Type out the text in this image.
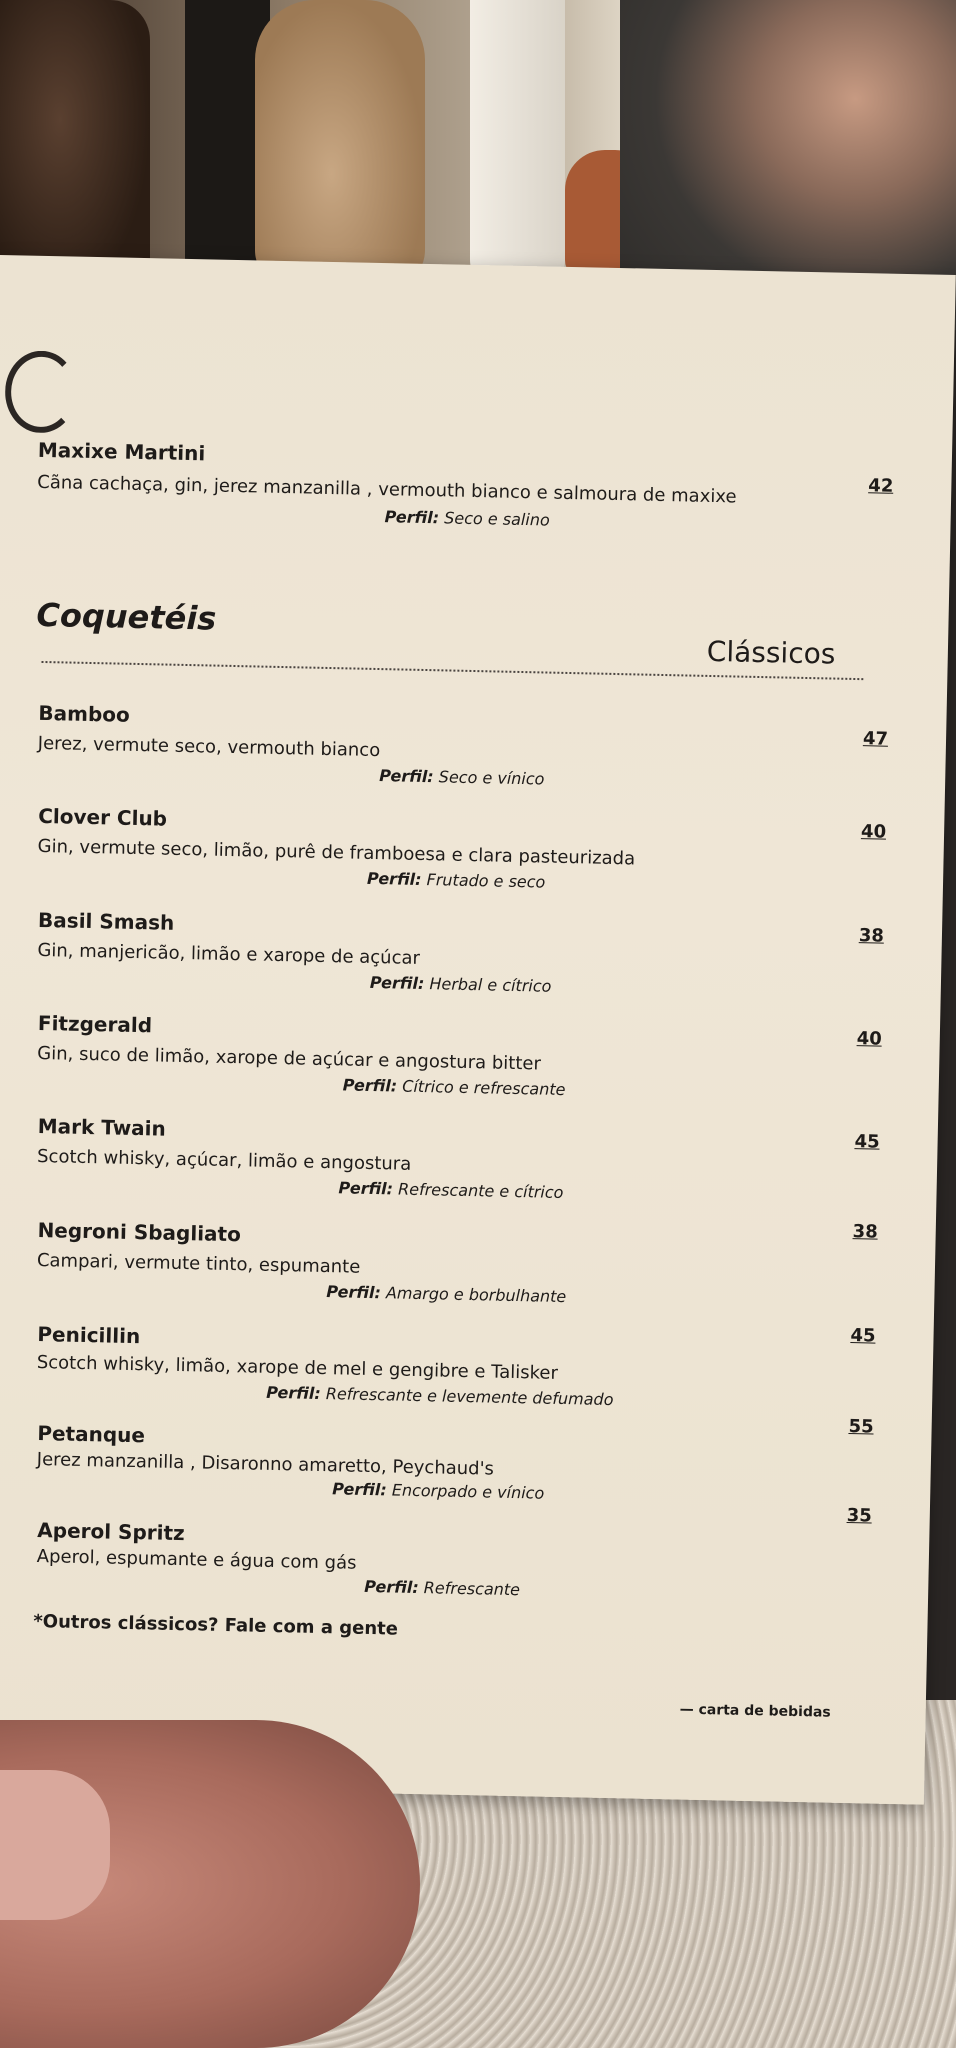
Maxixe Martini
Cãna cachaça, gin, jerez manzanilla , vermouth bianco e salmoura de maxixe
Perfil: Seco e salino
42
Coquetéis
Clássicos
Bamboo
Jerez, vermute seco, vermouth bianco
Perfil: Seco e vínico
47
Clover Club
Gin, vermute seco, limão, purê de framboesa e clara pasteurizada
Perfil: Frutado e seco
40
Basil Smash
Gin, manjericão, limão e xarope de açúcar
Perfil: Herbal e cítrico
38
Fitzgerald
Gin, suco de limão, xarope de açúcar e angostura bitter
Perfil: Cítrico e refrescante
40
Mark Twain
Scotch whisky, açúcar, limão e angostura
Perfil: Refrescante e cítrico
45
Negroni Sbagliato
Campari, vermute tinto, espumante
Perfil: Amargo e borbulhante
38
Penicillin
Scotch whisky, limão, xarope de mel e gengibre e Talisker
Perfil: Refrescante e levemente defumado
45
Petanque
Jerez manzanilla , Disaronno amaretto, Peychaud's
Perfil: Encorpado e vínico
55
Aperol Spritz
Aperol, espumante e água com gás
Perfil: Refrescante
35
*Outros clássicos? Fale com a gente
— carta de bebidas
